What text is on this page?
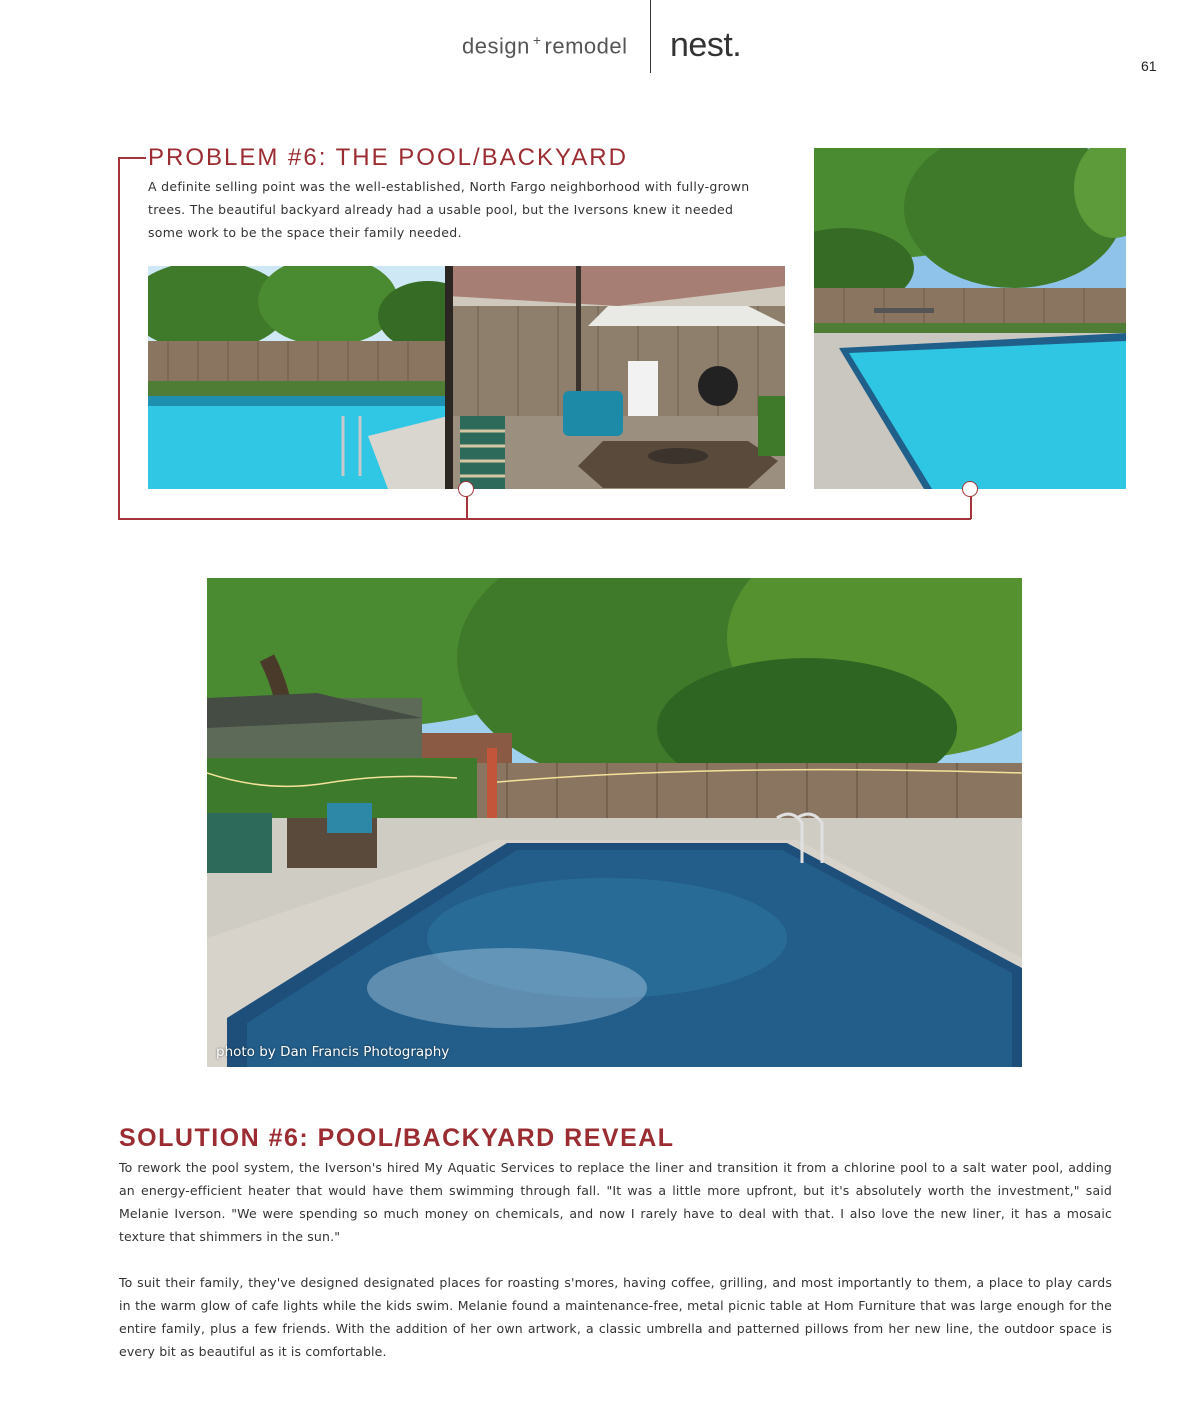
design + remodel nest.
61
PROBLEM #6: THE POOL/BACKYARD
A definite selling point was the well-established, North Fargo neighborhood with fully-grown trees. The beautiful backyard already had a usable pool, but the Iversons knew it needed some work to be the space their family needed.
photo by Dan Francis Photography
SOLUTION #6: POOL/BACKYARD REVEAL

To rework the pool system, the Iverson's hired My Aquatic Services to replace the liner and transition it from a chlorine pool to a salt water pool, adding an energy-efficient heater that would have them swimming through fall. "It was a little more upfront, but it's absolutely worth the investment," said Melanie Iverson. "We were spending so much money on chemicals, and now I rarely have to deal with that. I also love the new liner, it has a mosaic texture that shimmers in the sun."

To suit their family, they've designed designated places for roasting s'mores, having coffee, grilling, and most importantly to them, a place to play cards in the warm glow of cafe lights while the kids swim. Melanie found a maintenance-free, metal picnic table at Hom Furniture that was large enough for the entire family, plus a few friends. With the addition of her own artwork, a classic umbrella and patterned pillows from her new line, the outdoor space is every bit as beautiful as it is comfortable.
